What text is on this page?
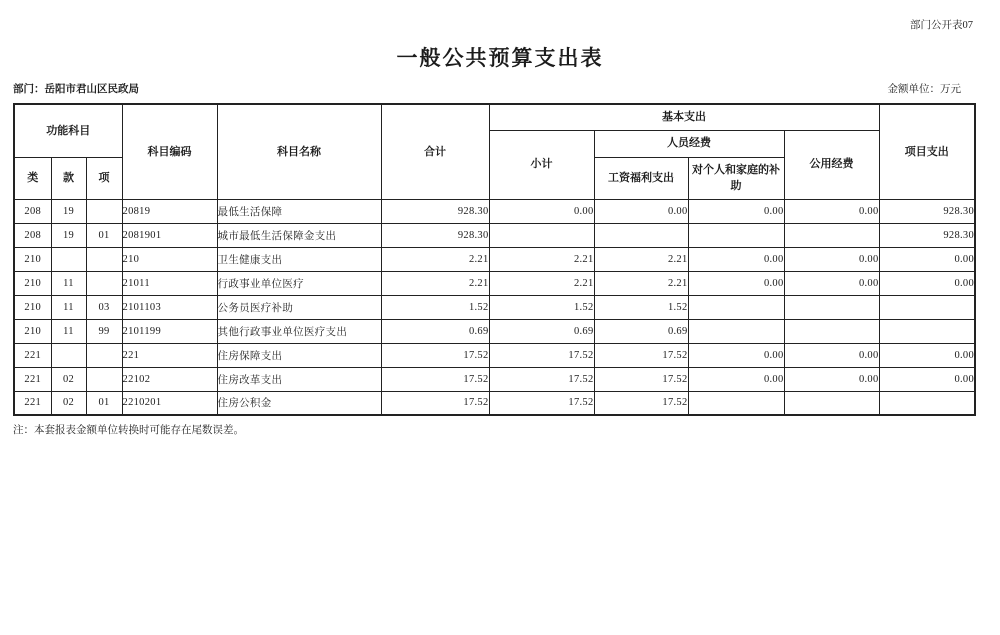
部门公开表07
一般公共预算支出表
部门：岳阳市君山区民政局	金额单位：万元
功能科目			科目编码	科目名称	合计	基本支出				项目支出
						小计	人员经费		公用经费	
类	款	项					工资福利支出	对个人和家庭的补助		
208	19		20819	最低生活保障	928.30	0.00	0.00	0.00	0.00	928.30
208	19	01	2081901	城市最低生活保障金支出	928.30					928.30
210			210	卫生健康支出	2.21	2.21	2.21	0.00	0.00	0.00
210	11		21011	行政事业单位医疗	2.21	2.21	2.21	0.00	0.00	0.00
210	11	03	2101103	公务员医疗补助	1.52	1.52	1.52			
210	11	99	2101199	其他行政事业单位医疗支出	0.69	0.69	0.69			
221			221	住房保障支出	17.52	17.52	17.52	0.00	0.00	0.00
221	02		22102	住房改革支出	17.52	17.52	17.52	0.00	0.00	0.00
221	02	01	2210201	住房公积金	17.52	17.52	17.52			
注：本套报表金额单位转换时可能存在尾数误差。
